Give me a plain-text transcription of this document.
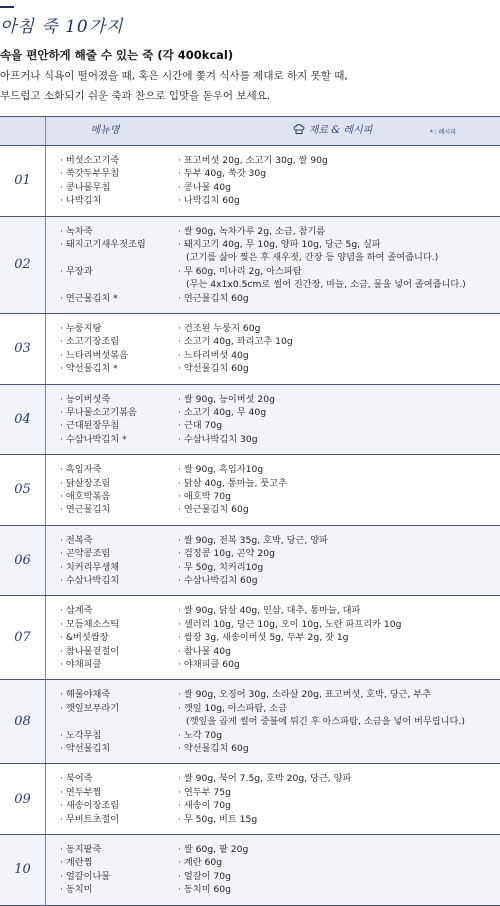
아침 죽 10가지
속을 편안하게 해줄 수 있는 죽 (각 400kcal)
아프거나 식욕이 떨어졌을 때, 혹은 시간에 쫓겨 식사를 제대로 하지 못할 때,
부드럽고 소화되기 쉬운 죽과 찬으로 입맛을 돋우어 보세요.
메뉴명	재료 & 레시피	* : 레시피
01
· 버섯소고기죽
· 쑥갓두부무침
· 콩나물무침
· 나박김치
· 표고버섯 20g, 소고기 30g, 쌀 90g
· 두부 40g, 쑥갓 30g
· 콩나물 40g
· 나박김치 60g
02
· 녹차죽
· 돼지고기새우젓조림
· 무장과
· 연근물김치 *
· 쌀 90g, 녹차가루 2g, 소금, 참기름
· 돼지고기 40g, 무 10g, 양파 10g, 당근 5g, 실파
(고기를 삶아 찢은 후 새우젓, 간장 등 양념을 하여 졸여줍니다.)
· 무 60g, 미나리 2g, 아스파탐
(무는 4x1x0.5cm로 썰어 진간장, 마늘, 소금, 물을 넣어 졸여줍니다.)
· 연근물김치 60g
03
· 누룽지탕
· 소고기장조림
· 느타리버섯볶음
· 약선물김치 *
· 건조된 누룽지 60g
· 소고기 40g, 꽈리고추 10g
· 느타리버섯 40g
· 약선물김치 60g
04
· 능이버섯죽
· 무나물소고기볶음
· 근대된장무침
· 수삼나박김치 *
· 쌀 90g, 능이버섯 20g
· 소고기 40g, 무 40g
· 근대 70g
· 수삼나박김치 30g
05
· 흑임자죽
· 닭살장조림
· 애호박볶음
· 연근물김치
· 쌀 90g, 흑임자10g
· 닭살 40g, 통마늘, 풋고추
· 애호박 70g
· 연근물김치 60g
06
· 전복죽
· 곤약콩조림
· 치커리무생채
· 수삼나박김치
· 쌀 90g, 전복 35g, 호박, 당근, 양파
· 검정콩 10g, 곤약 20g
· 무 50g, 치커리10g
· 수삼나박김치 60g
07
· 삼계죽
· 모듬채소스틱
· &버섯쌈장
· 참나물겉절이
· 야채피클
· 쌀 90g, 닭살 40g, 인삼, 대추, 통마늘, 대파
· 샐러리 10g, 당근 10g, 오이 10g, 노란 파프리카 10g
· 쌈장 3g, 새송이버섯 5g, 두부 2g, 잣 1g
· 참나물 40g
· 야채피클 60g
08
· 해물야채죽
· 깻잎보푸라기
· 노각무침
· 약선물김치
· 쌀 90g, 오징어 30g, 소라살 20g, 표고버섯, 호박, 당근, 부추
· 깻잎 10g, 아스파탐, 소금
(깻잎을 곱게 썰어 중불에 튀긴 후 아스파탐, 소금을 넣어 버무립니다.)
· 노각 70g
· 약선물김치 60g
09
· 북어죽
· 연두부찜
· 새송이장조림
· 무비트초절이
· 쌀 90g, 북어 7.5g, 호박 20g, 당근, 양파
· 연두부 75g
· 새송이 70g
· 무 50g, 비트 15g
10
· 동지팥죽
· 계란찜
· 얼갈이나물
· 동치미
· 쌀 60g, 팥 20g
· 계란 60g
· 얼갈이 70g
· 동치미 60g
